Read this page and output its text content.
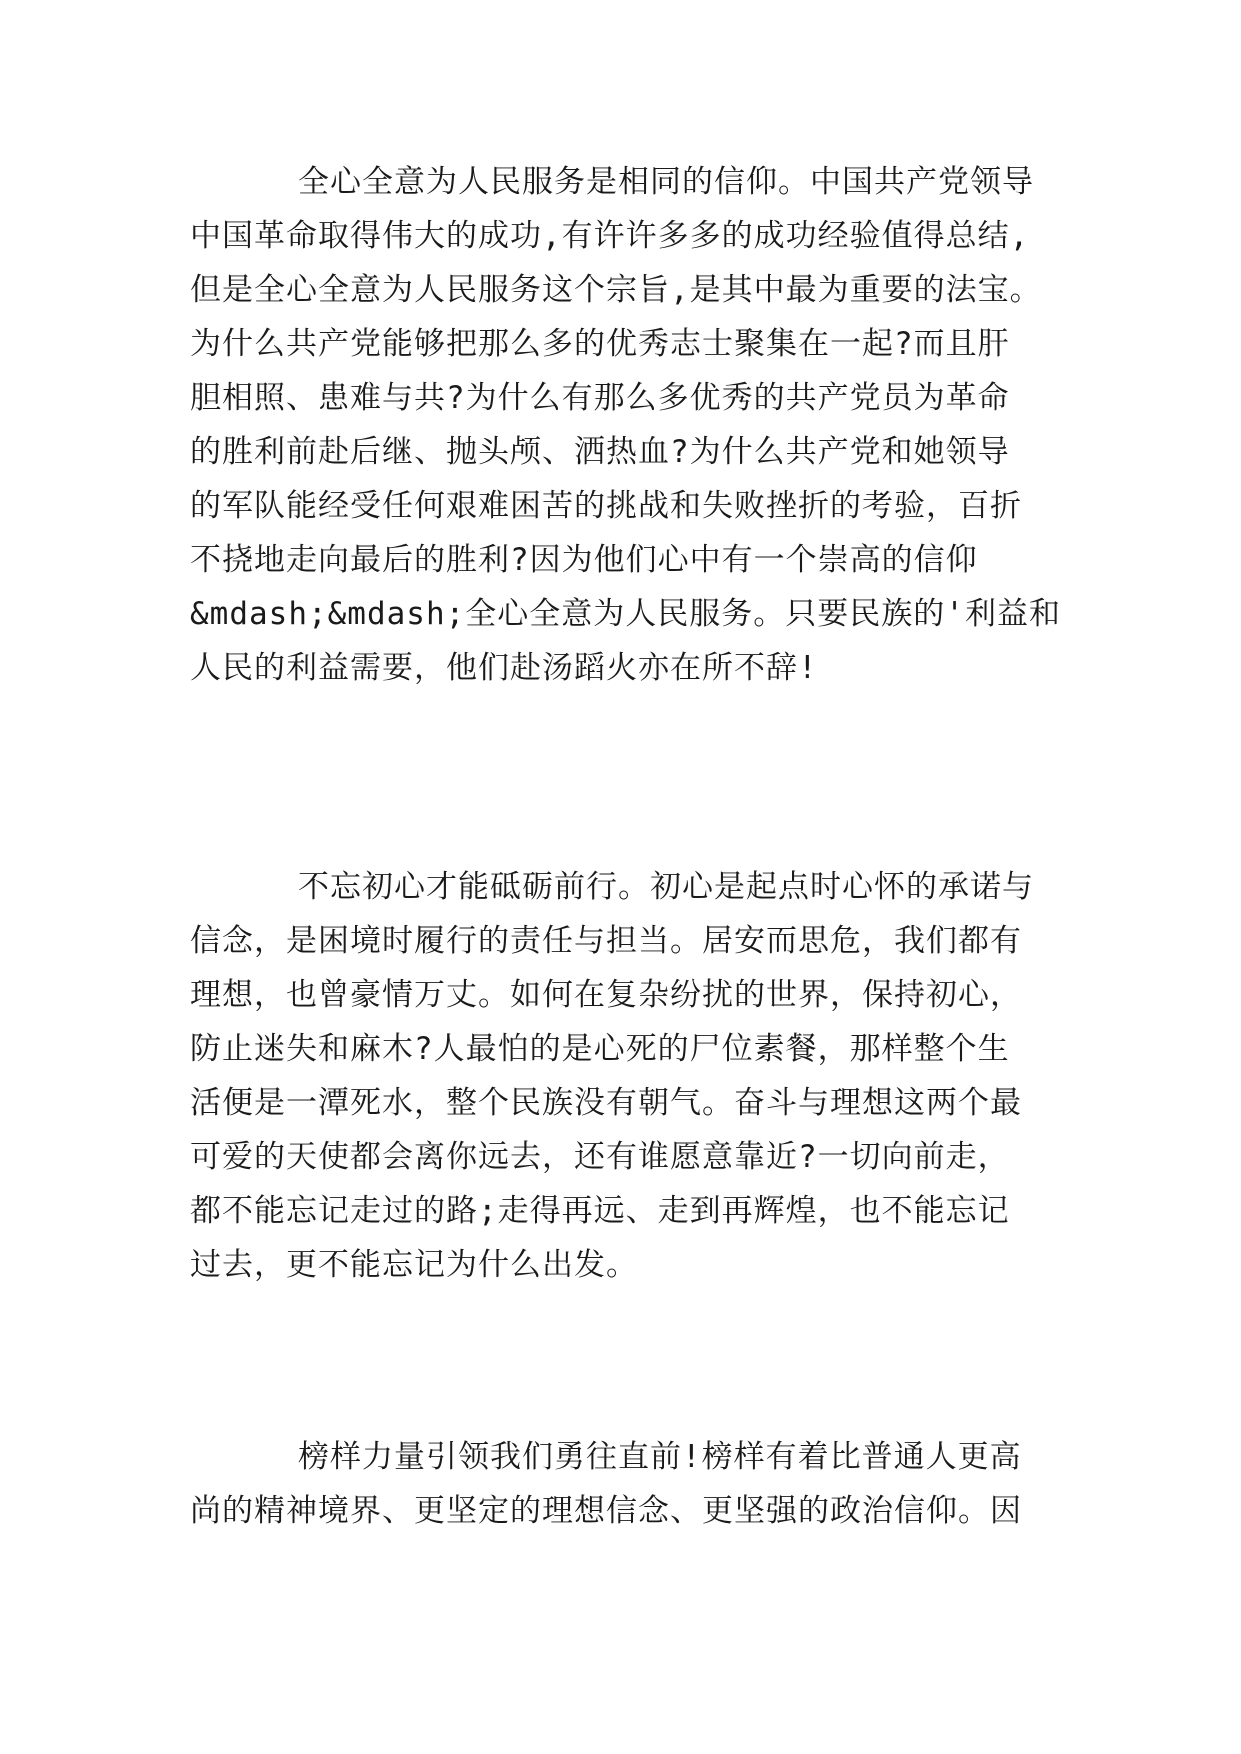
全心全意为人民服务是相同的信仰。中国共产党领导
中国革命取得伟大的成功,有许许多多的成功经验值得总结,
但是全心全意为人民服务这个宗旨,是其中最为重要的法宝。
为什么共产党能够把那么多的优秀志士聚集在一起?而且肝
胆相照、患难与共?为什么有那么多优秀的共产党员为革命
的胜利前赴后继、抛头颅、洒热血?为什么共产党和她领导
的军队能经受任何艰难困苦的挑战和失败挫折的考验，百折
不挠地走向最后的胜利?因为他们心中有一个崇高的信仰
&mdash;&mdash;全心全意为人民服务。只要民族的'利益和
人民的利益需要，他们赴汤蹈火亦在所不辞!
不忘初心才能砥砺前行。初心是起点时心怀的承诺与
信念，是困境时履行的责任与担当。居安而思危，我们都有
理想，也曾豪情万丈。如何在复杂纷扰的世界，保持初心，
防止迷失和麻木?人最怕的是心死的尸位素餐，那样整个生
活便是一潭死水，整个民族没有朝气。奋斗与理想这两个最
可爱的天使都会离你远去，还有谁愿意靠近?一切向前走，
都不能忘记走过的路;走得再远、走到再辉煌，也不能忘记
过去，更不能忘记为什么出发。
榜样力量引领我们勇往直前!榜样有着比普通人更高
尚的精神境界、更坚定的理想信念、更坚强的政治信仰。因
